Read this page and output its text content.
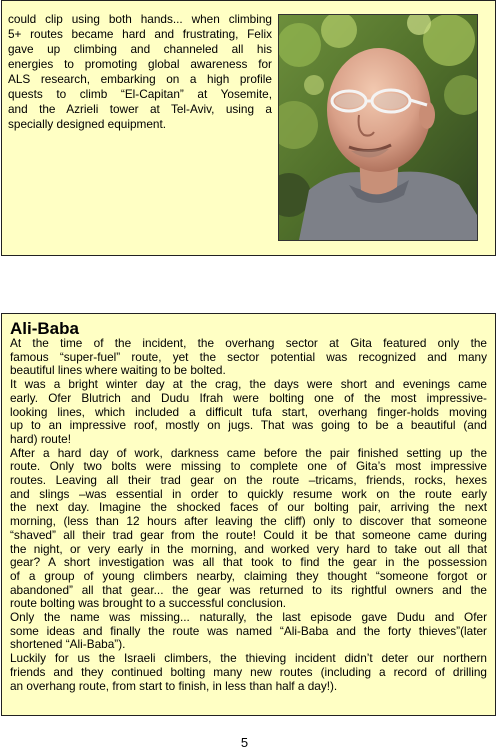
could clip using both hands... when climbing
5+ routes became hard and frustrating, Felix
gave up climbing and channeled all his
energies to promoting global awareness for
ALS research, embarking on a high profile
quests to climb “El-Capitan” at Yosemite,
and the Azrieli tower at Tel-Aviv, using a
specially designed equipment.
Ali-Baba
At the time of the incident, the overhang sector at Gita featured only the
famous “super-fuel” route, yet the sector potential was recognized and many
beautiful lines where waiting to be bolted.
It was a bright winter day at the crag, the days were short and evenings came
early. Ofer Blutrich and Dudu Ifrah were bolting one of the most impressive-
looking lines, which included a difficult tufa start, overhang finger-holds moving
up to an impressive roof, mostly on jugs. That was going to be a beautiful (and
hard) route!
After a hard day of work, darkness came before the pair finished setting up the
route. Only two bolts were missing to complete one of Gita’s most impressive
routes. Leaving all their trad gear on the route –tricams, friends, rocks, hexes
and slings –was essential in order to quickly resume work on the route early
the next day. Imagine the shocked faces of our bolting pair, arriving the next
morning, (less than 12 hours after leaving the cliff) only to discover that someone
“shaved” all their trad gear from the route! Could it be that someone came during
the night, or very early in the morning, and worked very hard to take out all that
gear? A short investigation was all that took to find the gear in the possession
of a group of young climbers nearby, claiming they thought “someone forgot or
abandoned” all that gear... the gear was returned to its rightful owners and the
route bolting was brought to a successful conclusion.
Only the name was missing... naturally, the last episode gave Dudu and Ofer
some ideas and finally the route was named “Ali-Baba and the forty thieves”(later
shortened “Ali-Baba”).
Luckily for us the Israeli climbers, the thieving incident didn’t deter our northern
friends and they continued bolting many new routes (including a record of drilling
an overhang route, from start to finish, in less than half a day!).
5
